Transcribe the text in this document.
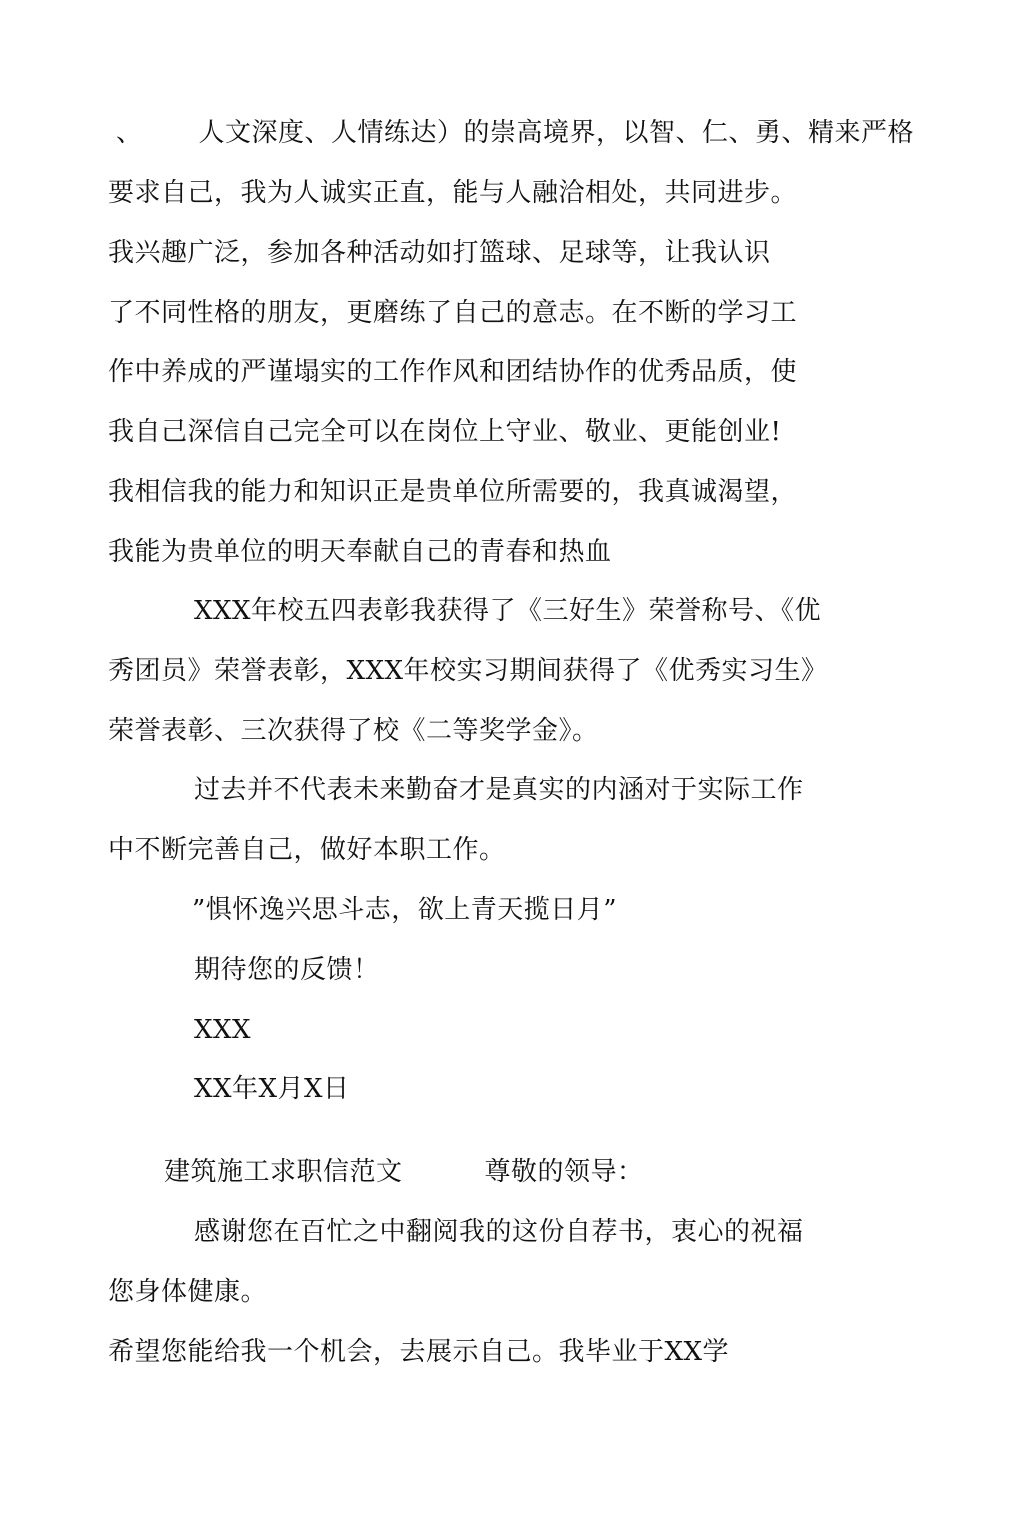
、 人文深度、人情练达）的崇高境界，以智、仁、勇、精来严格
要求自己，我为人诚实正直，能与人融洽相处，共同进步。
我兴趣广泛，参加各种活动如打篮球、足球等，让我认识
了不同性格的朋友，更磨练了自己的意志。在不断的学习工
作中养成的严谨塌实的工作作风和团结协作的优秀品质，使
我自己深信自己完全可以在岗位上守业、敬业、更能创业!
我相信我的能力和知识正是贵单位所需要的，我真诚渴望，
我能为贵单位的明天奉献自己的青春和热血
XXX年校五四表彰我获得了《三好生》荣誉称号、《优
秀团员》荣誉表彰，XXX年校实习期间获得了《优秀实习生》
荣誉表彰、三次获得了校《二等奖学金》。
过去并不代表未来勤奋才是真实的内涵对于实际工作
中不断完善自己，做好本职工作。
”惧怀逸兴思斗志，欲上青天揽日月”
期待您的反馈！
XXX
XX年X月X日
建筑施工求职信范文	尊敬的领导：
感谢您在百忙之中翻阅我的这份自荐书，衷心的祝福
您身体健康。
希望您能给我一个机会，去展示自己。我毕业于XX学
